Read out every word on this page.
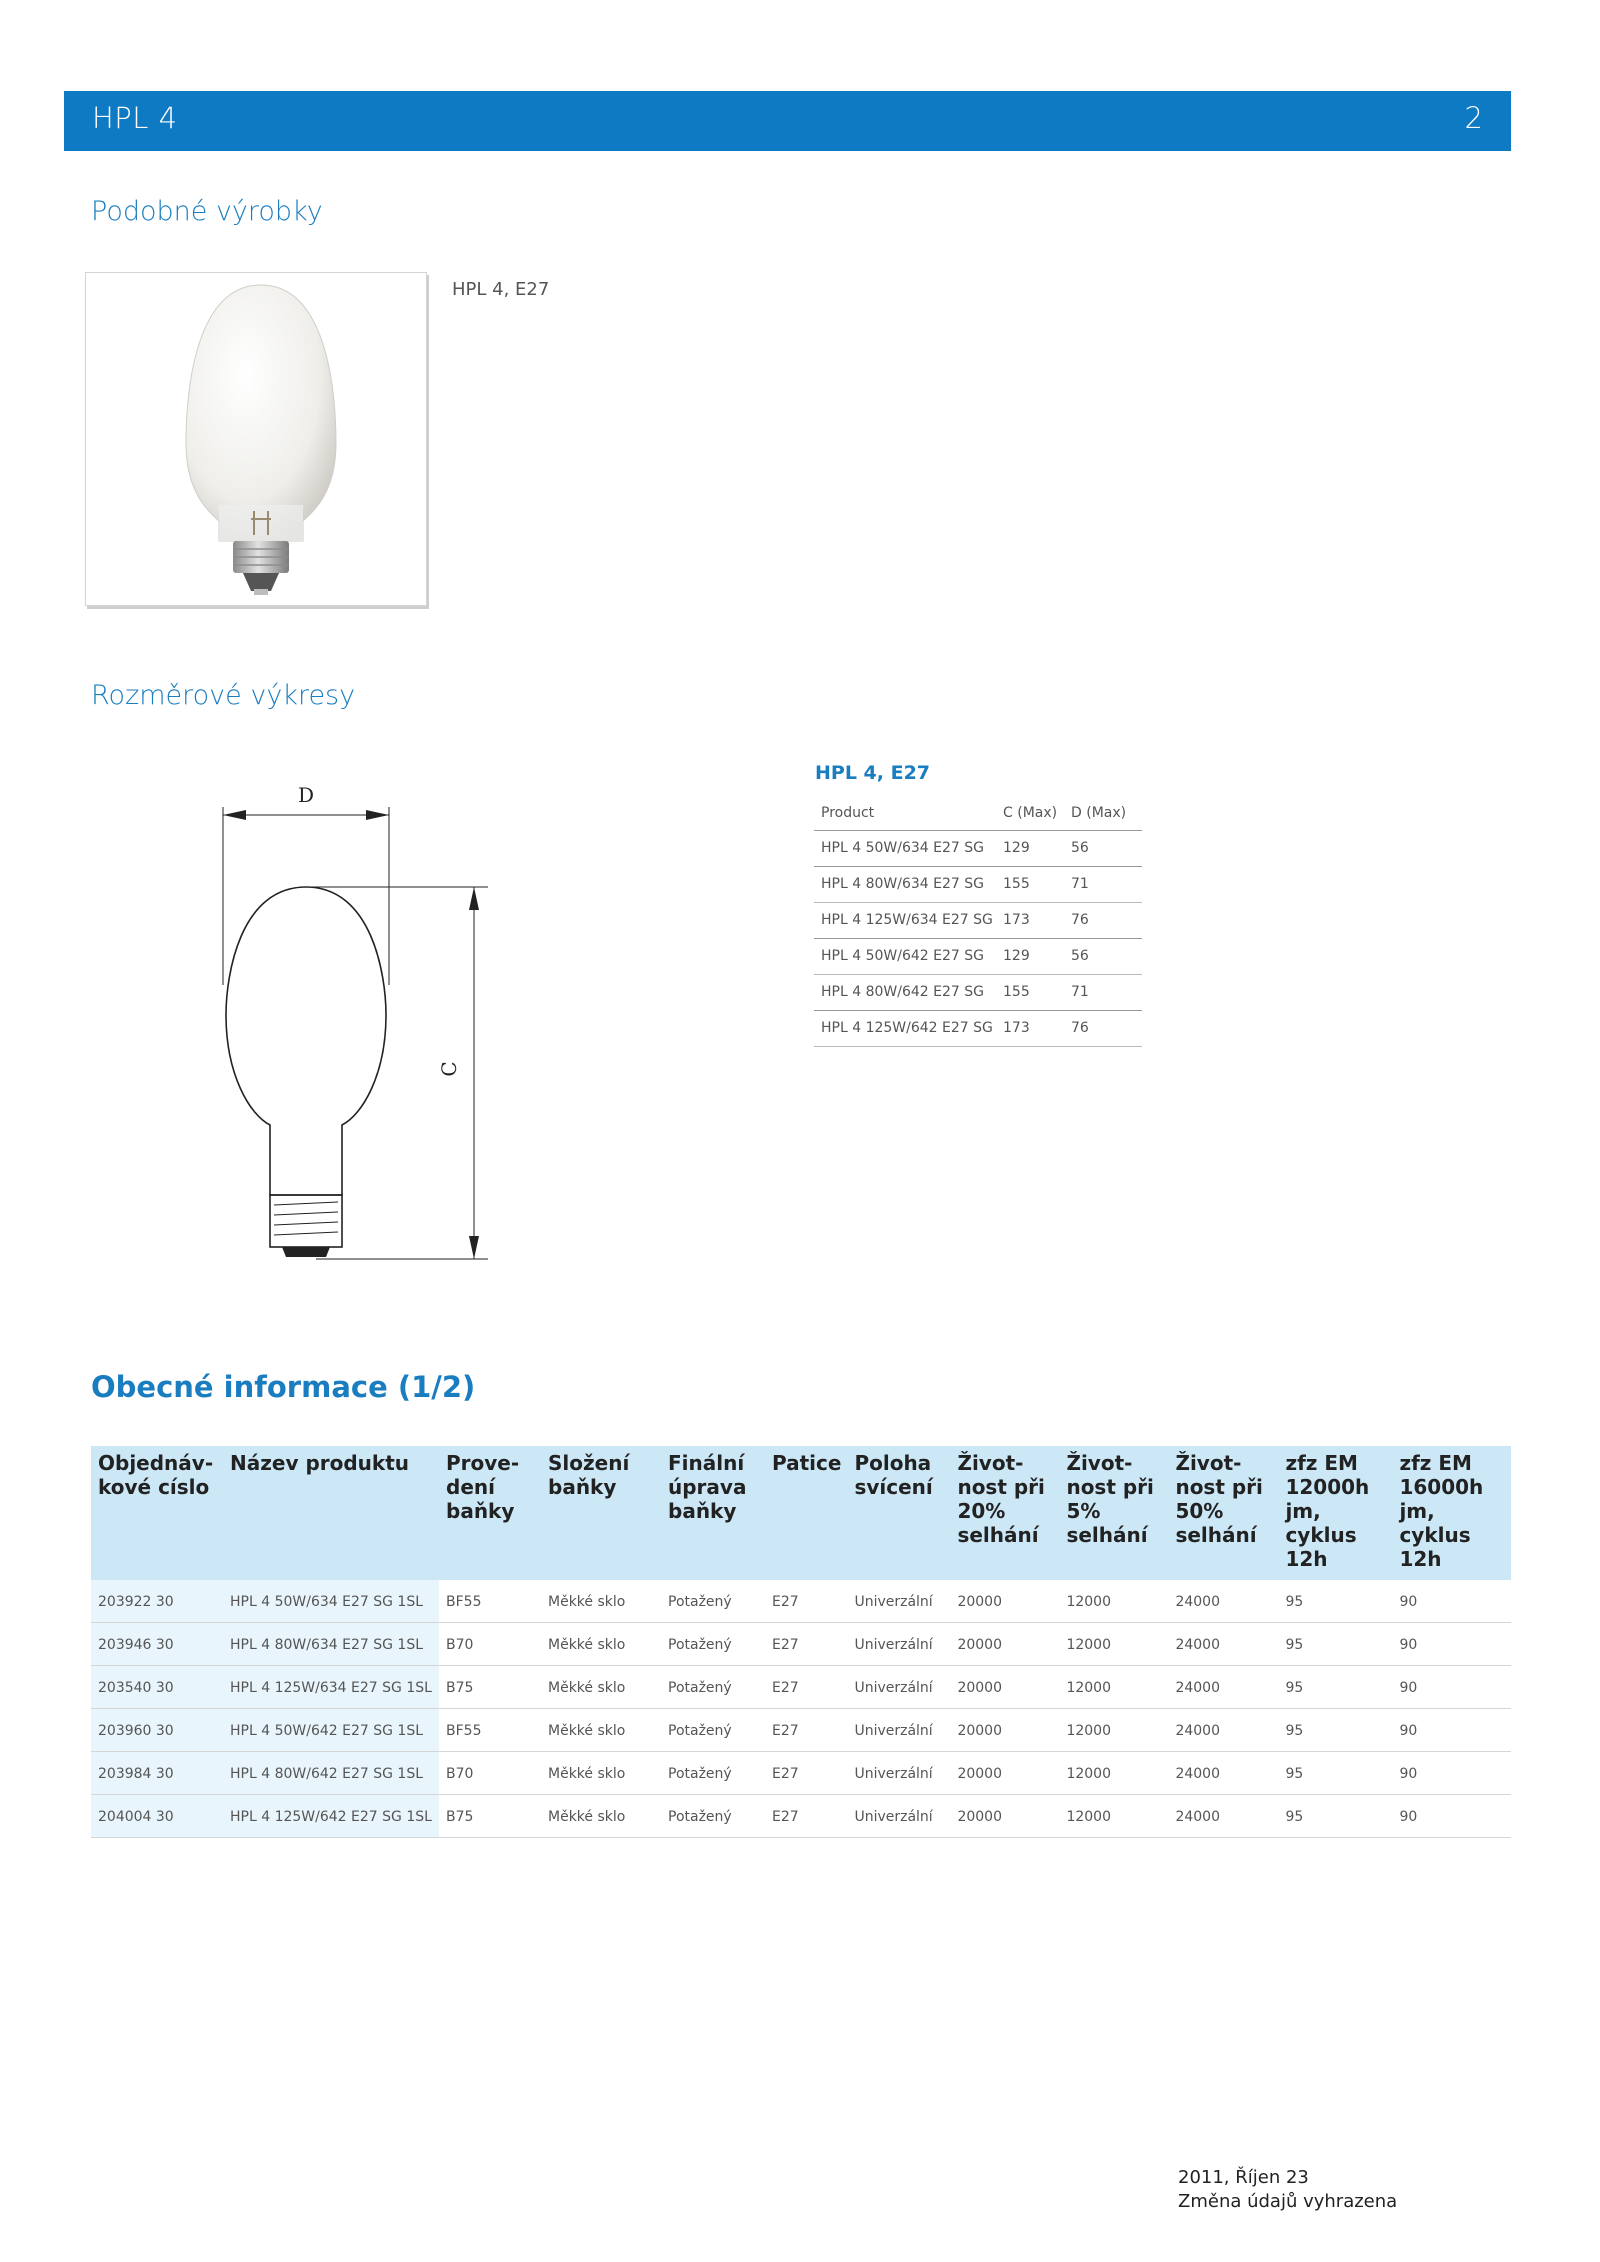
HPL 4	2
Podobné výrobky
HPL 4, E27
Rozměrové výkresy
D
C
HPL 4, E27
Product	C (Max)	D (Max)
HPL 4 50W/634 E27 SG	129	56
HPL 4 80W/634 E27 SG	155	71
HPL 4 125W/634 E27 SG	173	76
HPL 4 50W/642 E27 SG	129	56
HPL 4 80W/642 E27 SG	155	71
HPL 4 125W/642 E27 SG	173	76
Obecné informace (1/2)
Objednáv-kové císlo	Název produktu	Prove-dení baňky	Složení baňky	Finální úprava baňky	Patice	Poloha svícení	Život-nost při 20% selhání	Život-nost při 5% selhání	Život-nost při 50% selhání	zfz EM 12000h jm, cyklus 12h	zfz EM 16000h jm, cyklus 12h
203922 30	HPL 4 50W/634 E27 SG 1SL	BF55	Měkké sklo	Potažený	E27	Univerzální	20000	12000	24000	95	90
203946 30	HPL 4 80W/634 E27 SG 1SL	B70	Měkké sklo	Potažený	E27	Univerzální	20000	12000	24000	95	90
203540 30	HPL 4 125W/634 E27 SG 1SL	B75	Měkké sklo	Potažený	E27	Univerzální	20000	12000	24000	95	90
203960 30	HPL 4 50W/642 E27 SG 1SL	BF55	Měkké sklo	Potažený	E27	Univerzální	20000	12000	24000	95	90
203984 30	HPL 4 80W/642 E27 SG 1SL	B70	Měkké sklo	Potažený	E27	Univerzální	20000	12000	24000	95	90
204004 30	HPL 4 125W/642 E27 SG 1SL	B75	Měkké sklo	Potažený	E27	Univerzální	20000	12000	24000	95	90
2011, Říjen 23
Změna údajů vyhrazena
